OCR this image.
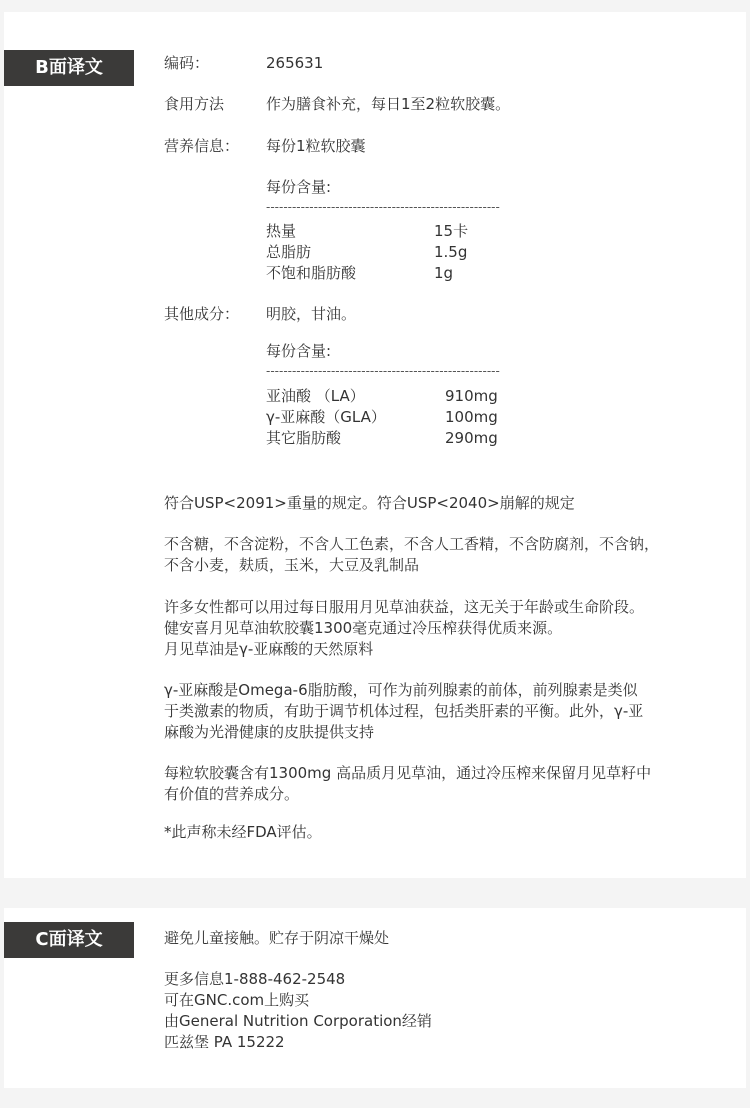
B面译文	编码：	265631
食用方法	作为膳食补充，每日1至2粒软胶囊。
营养信息： 每份1粒软胶囊
每份含量:
------------------------------------------------------
热量	15卡
总脂肪	1.5g
不饱和脂肪酸	1g
其他成分： 明胶，甘油。
每份含量:
------------------------------------------------------
亚油酸 （LA）	910mg
γ-亚麻酸（GLA）	100mg
其它脂肪酸	290mg
符合USP<2091>重量的规定。符合USP<2040>崩解的规定
不含糖，不含淀粉，不含人工色素，不含人工香精，不含防腐剂，不含钠，
不含小麦，麸质，玉米，大豆及乳制品
许多女性都可以用过每日服用月见草油获益，这无关于年龄或生命阶段。
健安喜月见草油软胶囊1300毫克通过冷压榨获得优质来源。
月见草油是γ-亚麻酸的天然原料
γ-亚麻酸是Omega-6脂肪酸，可作为前列腺素的前体，前列腺素是类似
于类激素的物质，有助于调节机体过程，包括类肝素的平衡。此外，γ-亚
麻酸为光滑健康的皮肤提供支持
每粒软胶囊含有1300mg 高品质月见草油，通过冷压榨来保留月见草籽中
有价值的营养成分。
*此声称未经FDA评估。
C面译文	避免儿童接触。贮存于阴凉干燥处
更多信息1-888-462-2548
可在GNC.com上购买
由General Nutrition Corporation经销
匹兹堡 PA 15222
